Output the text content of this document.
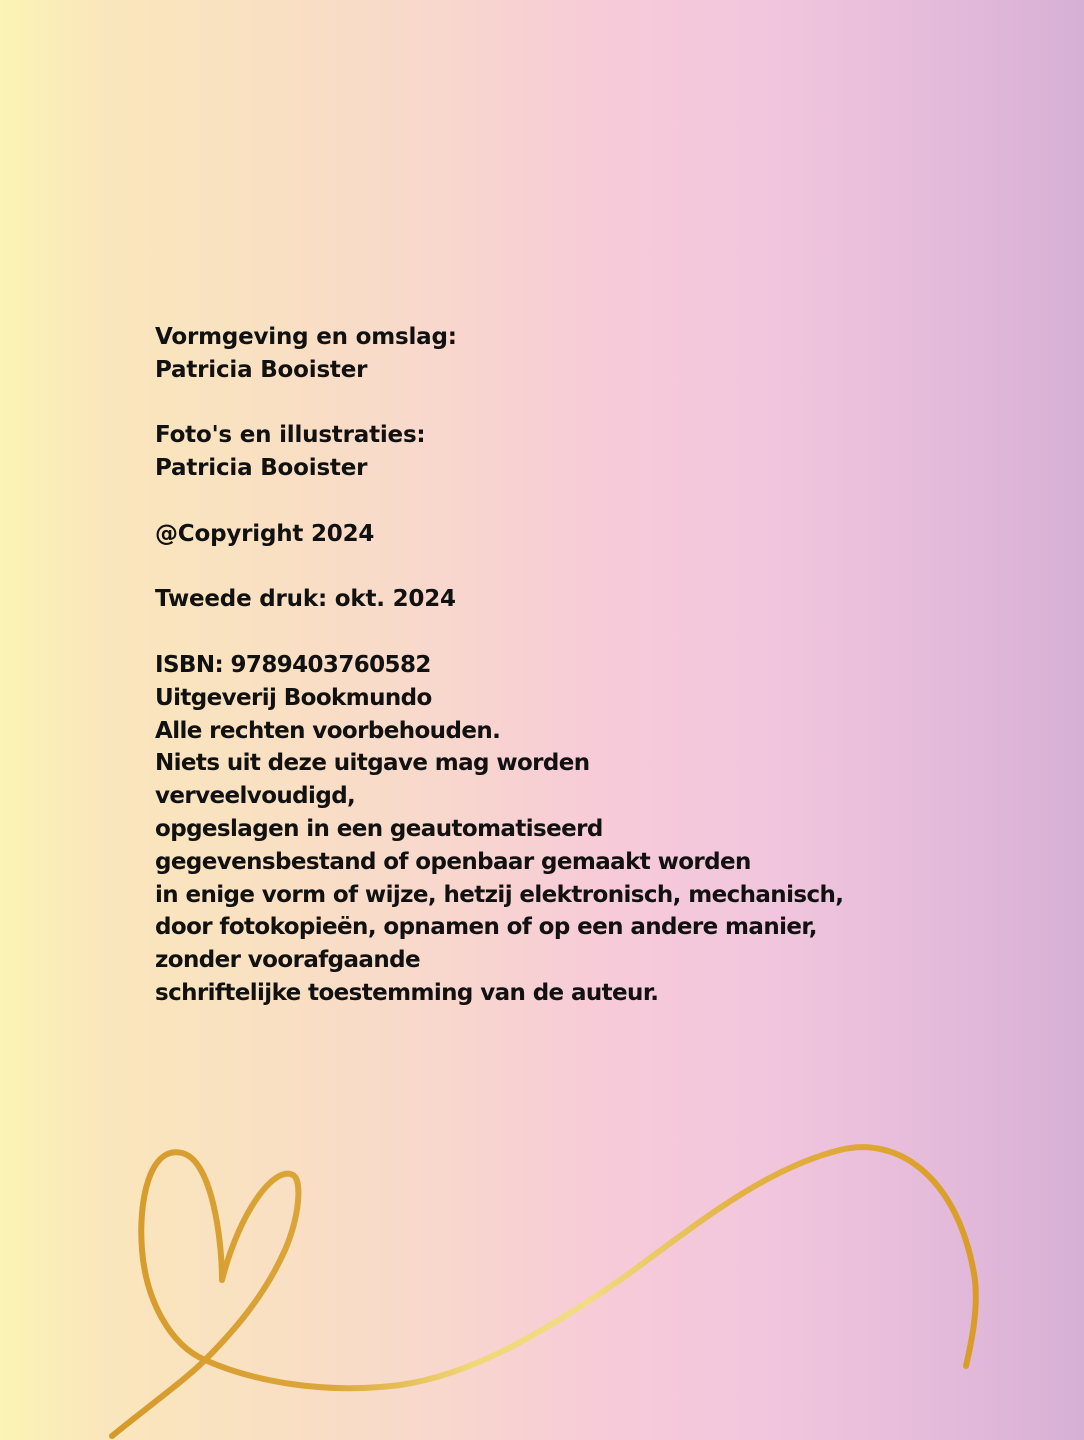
Vormgeving en omslag:
Patricia Booister
Foto's en illustraties:
Patricia Booister
@Copyright 2024
Tweede druk: okt. 2024
ISBN: 9789403760582
Uitgeverij Bookmundo
Alle rechten voorbehouden.
Niets uit deze uitgave mag worden
verveelvoudigd,
opgeslagen in een geautomatiseerd
gegevensbestand of openbaar gemaakt worden
in enige vorm of wijze, hetzij elektronisch, mechanisch,
door fotokopieën, opnamen of op een andere manier,
zonder voorafgaande
schriftelijke toestemming van de auteur.
